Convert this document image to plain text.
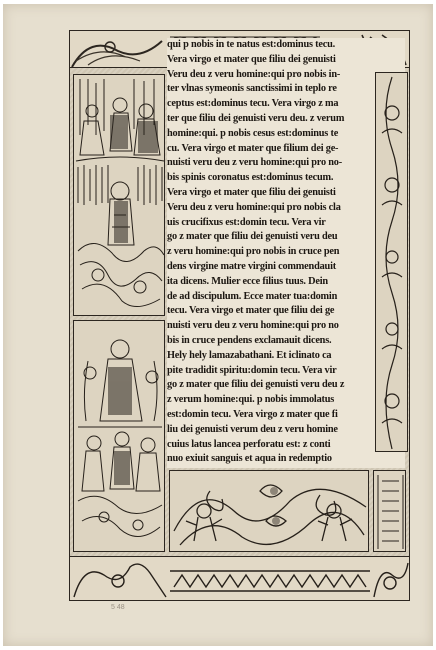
qui p nobis in te natus est:dominus tecu.
Vera virgo et mater que filiu dei genuisti
Veru deu z veru homine:qui pro nobis in-
ter vlnas symeonis sanctissimi in teplo re
ceptus est:dominus tecu. Vera virgo z ma
ter que filiu dei genuisti veru deu. z verum
homine:qui. p nobis cesus est:dominus te
cu. Vera virgo et mater que filium dei ge-
nuisti veru deu z veru homine:qui pro no-
bis spinis coronatus est:dominus tecum.
Vera virgo et mater que filiu dei genuisti
Veru deu z veru homine:qui pro nobis cla
uis crucifixus est:domin tecu. Vera vir
go z mater que filiu dei genuisti veru deu
z veru homine:qui pro nobis in cruce pen
dens virgine matre virgini commendauit
ita dicens. Mulier ecce filius tuus. Dein
de ad discipulum. Ecce mater tua:domin
tecu. Vera virgo et mater que filiu dei ge
nuisti veru deu z veru homine:qui pro no
bis in cruce pendens exclamauit dicens.
Hely hely lamazabathani. Et iclinato ca
pite tradidit spiritu:domin tecu. Vera vir
go z mater que filiu dei genuisti veru deu z
z verum homine:qui. p nobis immolatus
est:domin tecu. Vera virgo z mater que fi
liu dei genuisti verum deu z veru homine
cuius latus lancea perforatu est: z conti
nuo exiuit sanguis et aqua in redemptio
5 48
